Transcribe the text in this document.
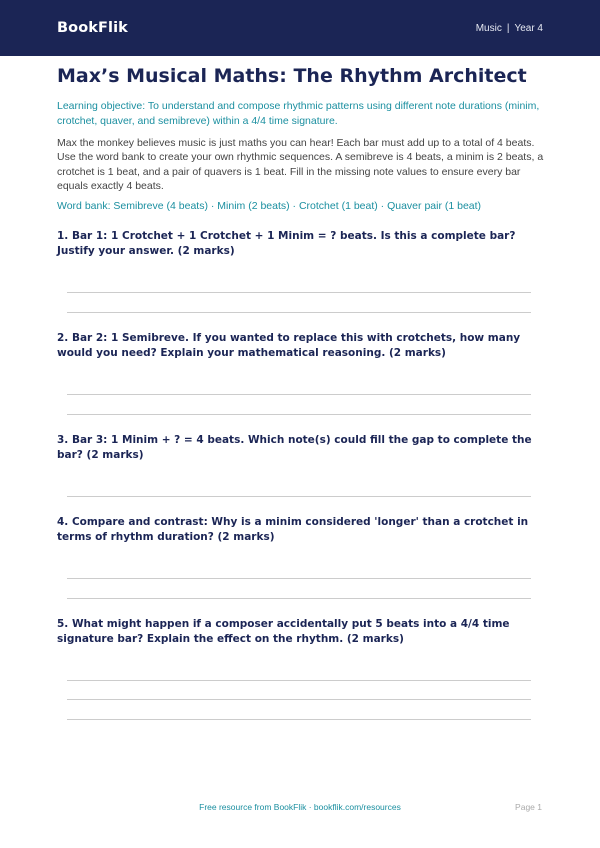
BookFlik	Music | Year 4
Max’s Musical Maths: The Rhythm Architect

Learning objective: To understand and compose rhythmic patterns using different note durations (minim, crotchet, quaver, and semibreve) within a 4/4 time signature.

Max the monkey believes music is just maths you can hear! Each bar must add up to a total of 4 beats. Use the word bank to create your own rhythmic sequences. A semibreve is 4 beats, a minim is 2 beats, a crotchet is 1 beat, and a pair of quavers is 1 beat. Fill in the missing note values to ensure every bar equals exactly 4 beats.

Word bank: Semibreve (4 beats) · Minim (2 beats) · Crotchet (1 beat) · Quaver pair (1 beat)

1. Bar 1: 1 Crotchet + 1 Crotchet + 1 Minim = ? beats. Is this a complete bar? Justify your answer. (2 marks)

2. Bar 2: 1 Semibreve. If you wanted to replace this with crotchets, how many would you need? Explain your mathematical reasoning. (2 marks)

3. Bar 3: 1 Minim + ? = 4 beats. Which note(s) could fill the gap to complete the bar? (2 marks)

4. Compare and contrast: Why is a minim considered 'longer' than a crotchet in terms of rhythm duration? (2 marks)

5. What might happen if a composer accidentally put 5 beats into a 4/4 time signature bar? Explain the effect on the rhythm. (2 marks)

Free resource from BookFlik · bookflik.com/resources	Page 1
